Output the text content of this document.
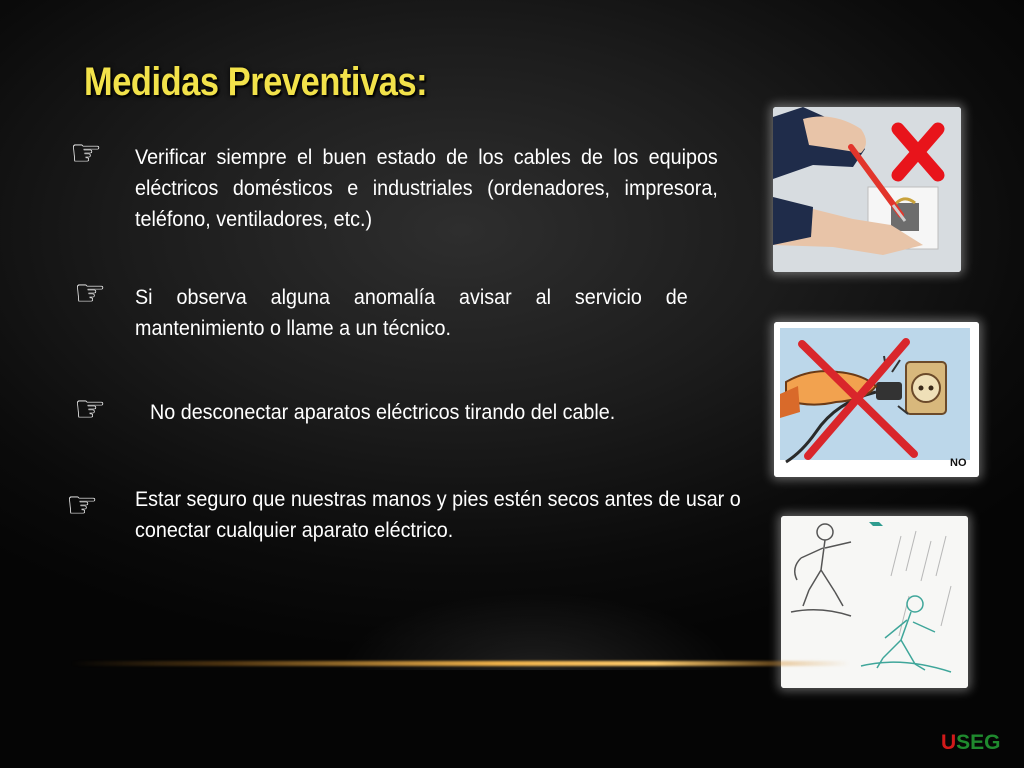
Medidas Preventivas:
☞ Verificar siempre el buen estado de los cables de los equipos eléctricos domésticos e industriales (ordenadores, impresora, teléfono, ventiladores, etc.)
☞ Si observa alguna anomalía avisar al servicio de mantenimiento o llame a un técnico.
☞ No desconectar aparatos eléctricos tirando del cable.
☞ Estar seguro que nuestras manos y pies estén secos antes de usar o conectar cualquier aparato eléctrico.
NO
USEG
